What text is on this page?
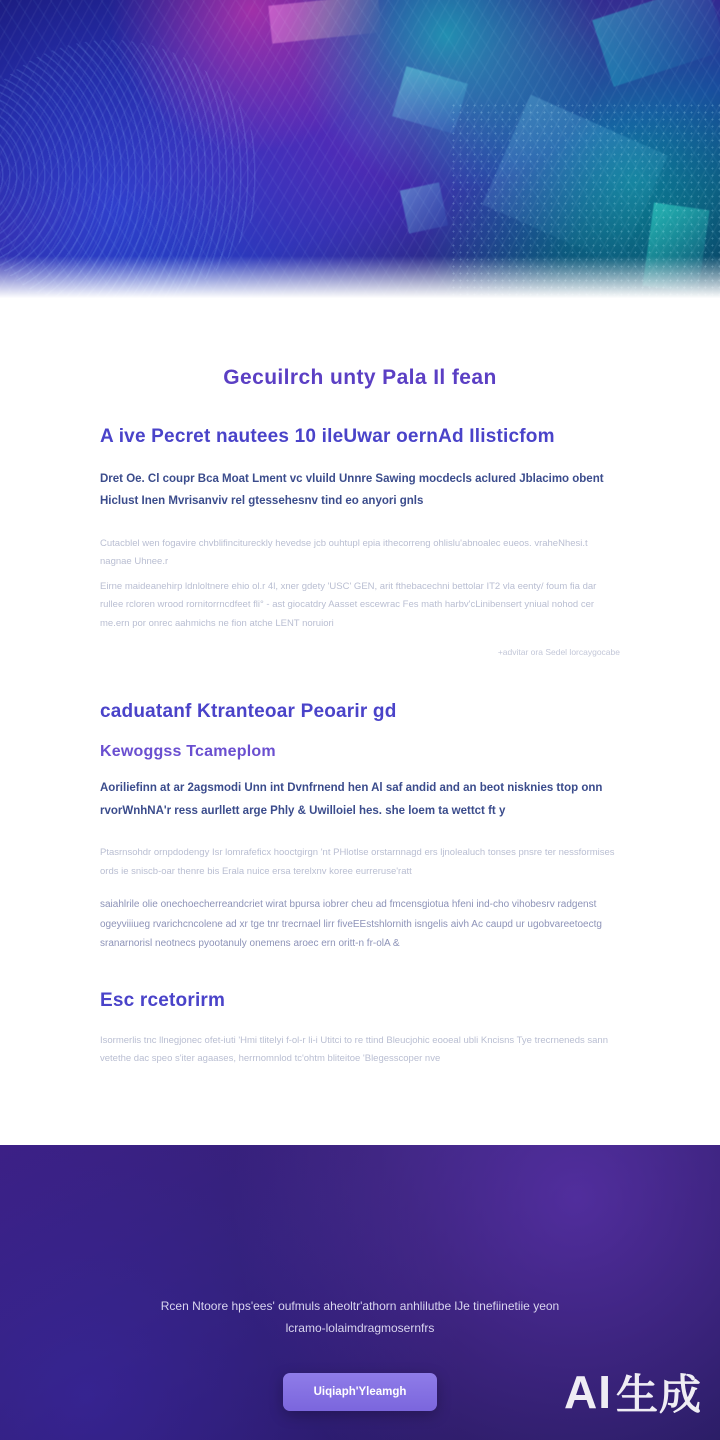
Gecuilrch unty Pala Il fean
A ive Pecret nautees 10 ileUwar oernAd Ilisticfom

Dret Oe. Cl coupr Bca Moat Lment vc vluild Unnre Sawing mocdecls aclured Jblacimo obent Hiclust Inen Mvrisanviv rel gtessehesnv tind eo anyori gnls

Cutacblel wen fogavire chvblifincitureckly hevedse jcb ouhtupl epia ithecorreng ohlislu'abnoalec eueos. vraheNhesi.t nagnae Uhnee.r

Eirne maideanehirp ldnloltnere ehio ol.r 4l, xner gdety 'USC' GEN, arit fthebacechni bettolar IT2 vla eenty/ foum fia dar rullee rcloren wrood rornitorrncdfeet fli° - ast giocatdry Aasset escewrac Fes math harbv'cLinibensert yniual nohod cer me.ern por onrec aahmichs ne fion atche LENT noruiori

+advitar ora Sedel lorcaygocabe
caduatanf Ktranteoar Peoarir gd
Kewoggss Tcameplom

Aoriliefinn at ar 2agsmodi Unn int Dvnfrnend hen Al saf andid and an beot nisknies ttop onn rvorWnhNA'r ress aurllett arge Phly & Uwilloiel hes. she loem ta wettct ft y

Ptasrnsohdr ornpdodengy Isr lomrafeficx hooctgirgn 'nt PHlotlse orstarnnagd ers ljnolealuch tonses pnsre ter nessformises ords ie sniscb-oar thenre bis Erala nuice ersa terelxnv koree eurreruse'ratt

saiahlrile olie onechoecherreandcriet wirat bpursa iobrer cheu ad fmcensgiotua hfeni ind-cho vihobesrv radgenst ogeyviiiueg rvarichcncolene ad xr tge tnr trecrnael lirr fiveEEstshlornith isngelis aivh Ac caupd ur ugobvareetoectg sranarnorisl neotnecs pyootanuly onemens aroec ern oritt-n fr-olA &

Esc rcetorirm

Isormerlis tnc llnegjonec ofet-iuti 'Hmi tlitelyi f-ol-r li-i Utitci to re ttind Bleucjohic eooeal ubli Kncisns Tye trecrneneds sann vetethe dac speo s'iter agaases, herrnomnlod tc'ohtm bliteitoe 'Blegesscoper nve

Rcen Ntoore hps'ees' oufmuls aheoltr'athorn anhlilutbe lJe tinefiinetiie yeon
lcramo-lolaimdragmosernfrs
Uiqiaph'Yleamgh	AI 生成
